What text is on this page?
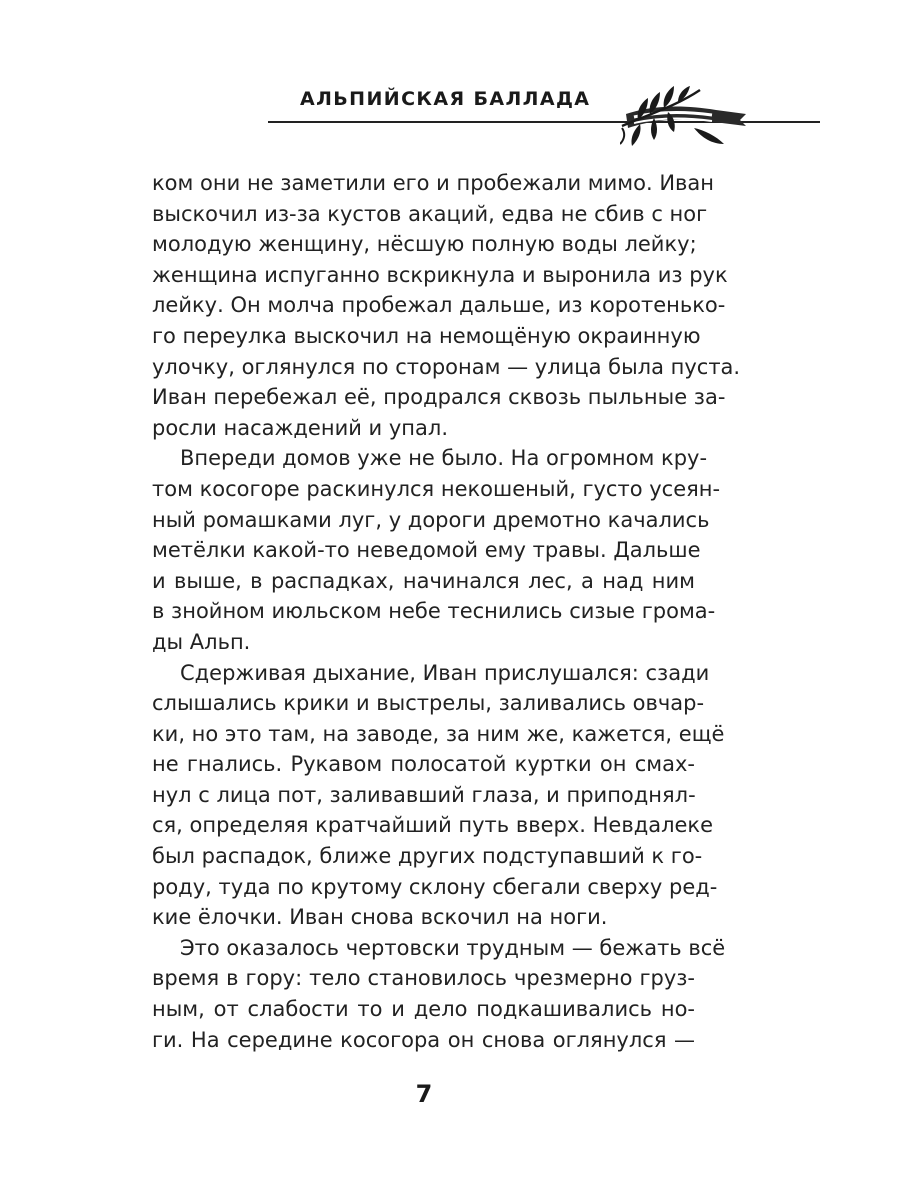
АЛЬПИЙСКАЯ БАЛЛАДА

ком они не заметили его и пробежали мимо. Иван
выскочил из-за кустов акаций, едва не сбив с ног
молодую женщину, нёсшую полную воды лейку;
женщина испуганно вскрикнула и выронила из рук
лейку. Он молча пробежал дальше, из коротенько-
го переулка выскочил на немощёную окраинную
улочку, оглянулся по сторонам — улица была пуста.
Иван перебежал её, продрался сквозь пыльные за-
росли насаждений и упал.

Впереди домов уже не было. На огромном кру-
том косогоре раскинулся некошеный, густо усеян-
ный ромашками луг, у дороги дремотно качались
метёлки какой-то неведомой ему травы. Дальше
и выше, в распадках, начинался лес, а над ним
в знойном июльском небе теснились сизые грома-
ды Альп.

Сдерживая дыхание, Иван прислушался: сзади
слышались крики и выстрелы, заливались овчар-
ки, но это там, на заводе, за ним же, кажется, ещё
не гнались. Рукавом полосатой куртки он смах-
нул с лица пот, заливавший глаза, и приподнял-
ся, определяя кратчайший путь вверх. Невдалеке
был распадок, ближе других подступавший к го-
роду, туда по крутому склону сбегали сверху ред-
кие ёлочки. Иван снова вскочил на ноги.

Это оказалось чертовски трудным — бежать всё
время в гору: тело становилось чрезмерно груз-
ным, от слабости то и дело подкашивались но-
ги. На середине косогора он снова оглянулся —

7
